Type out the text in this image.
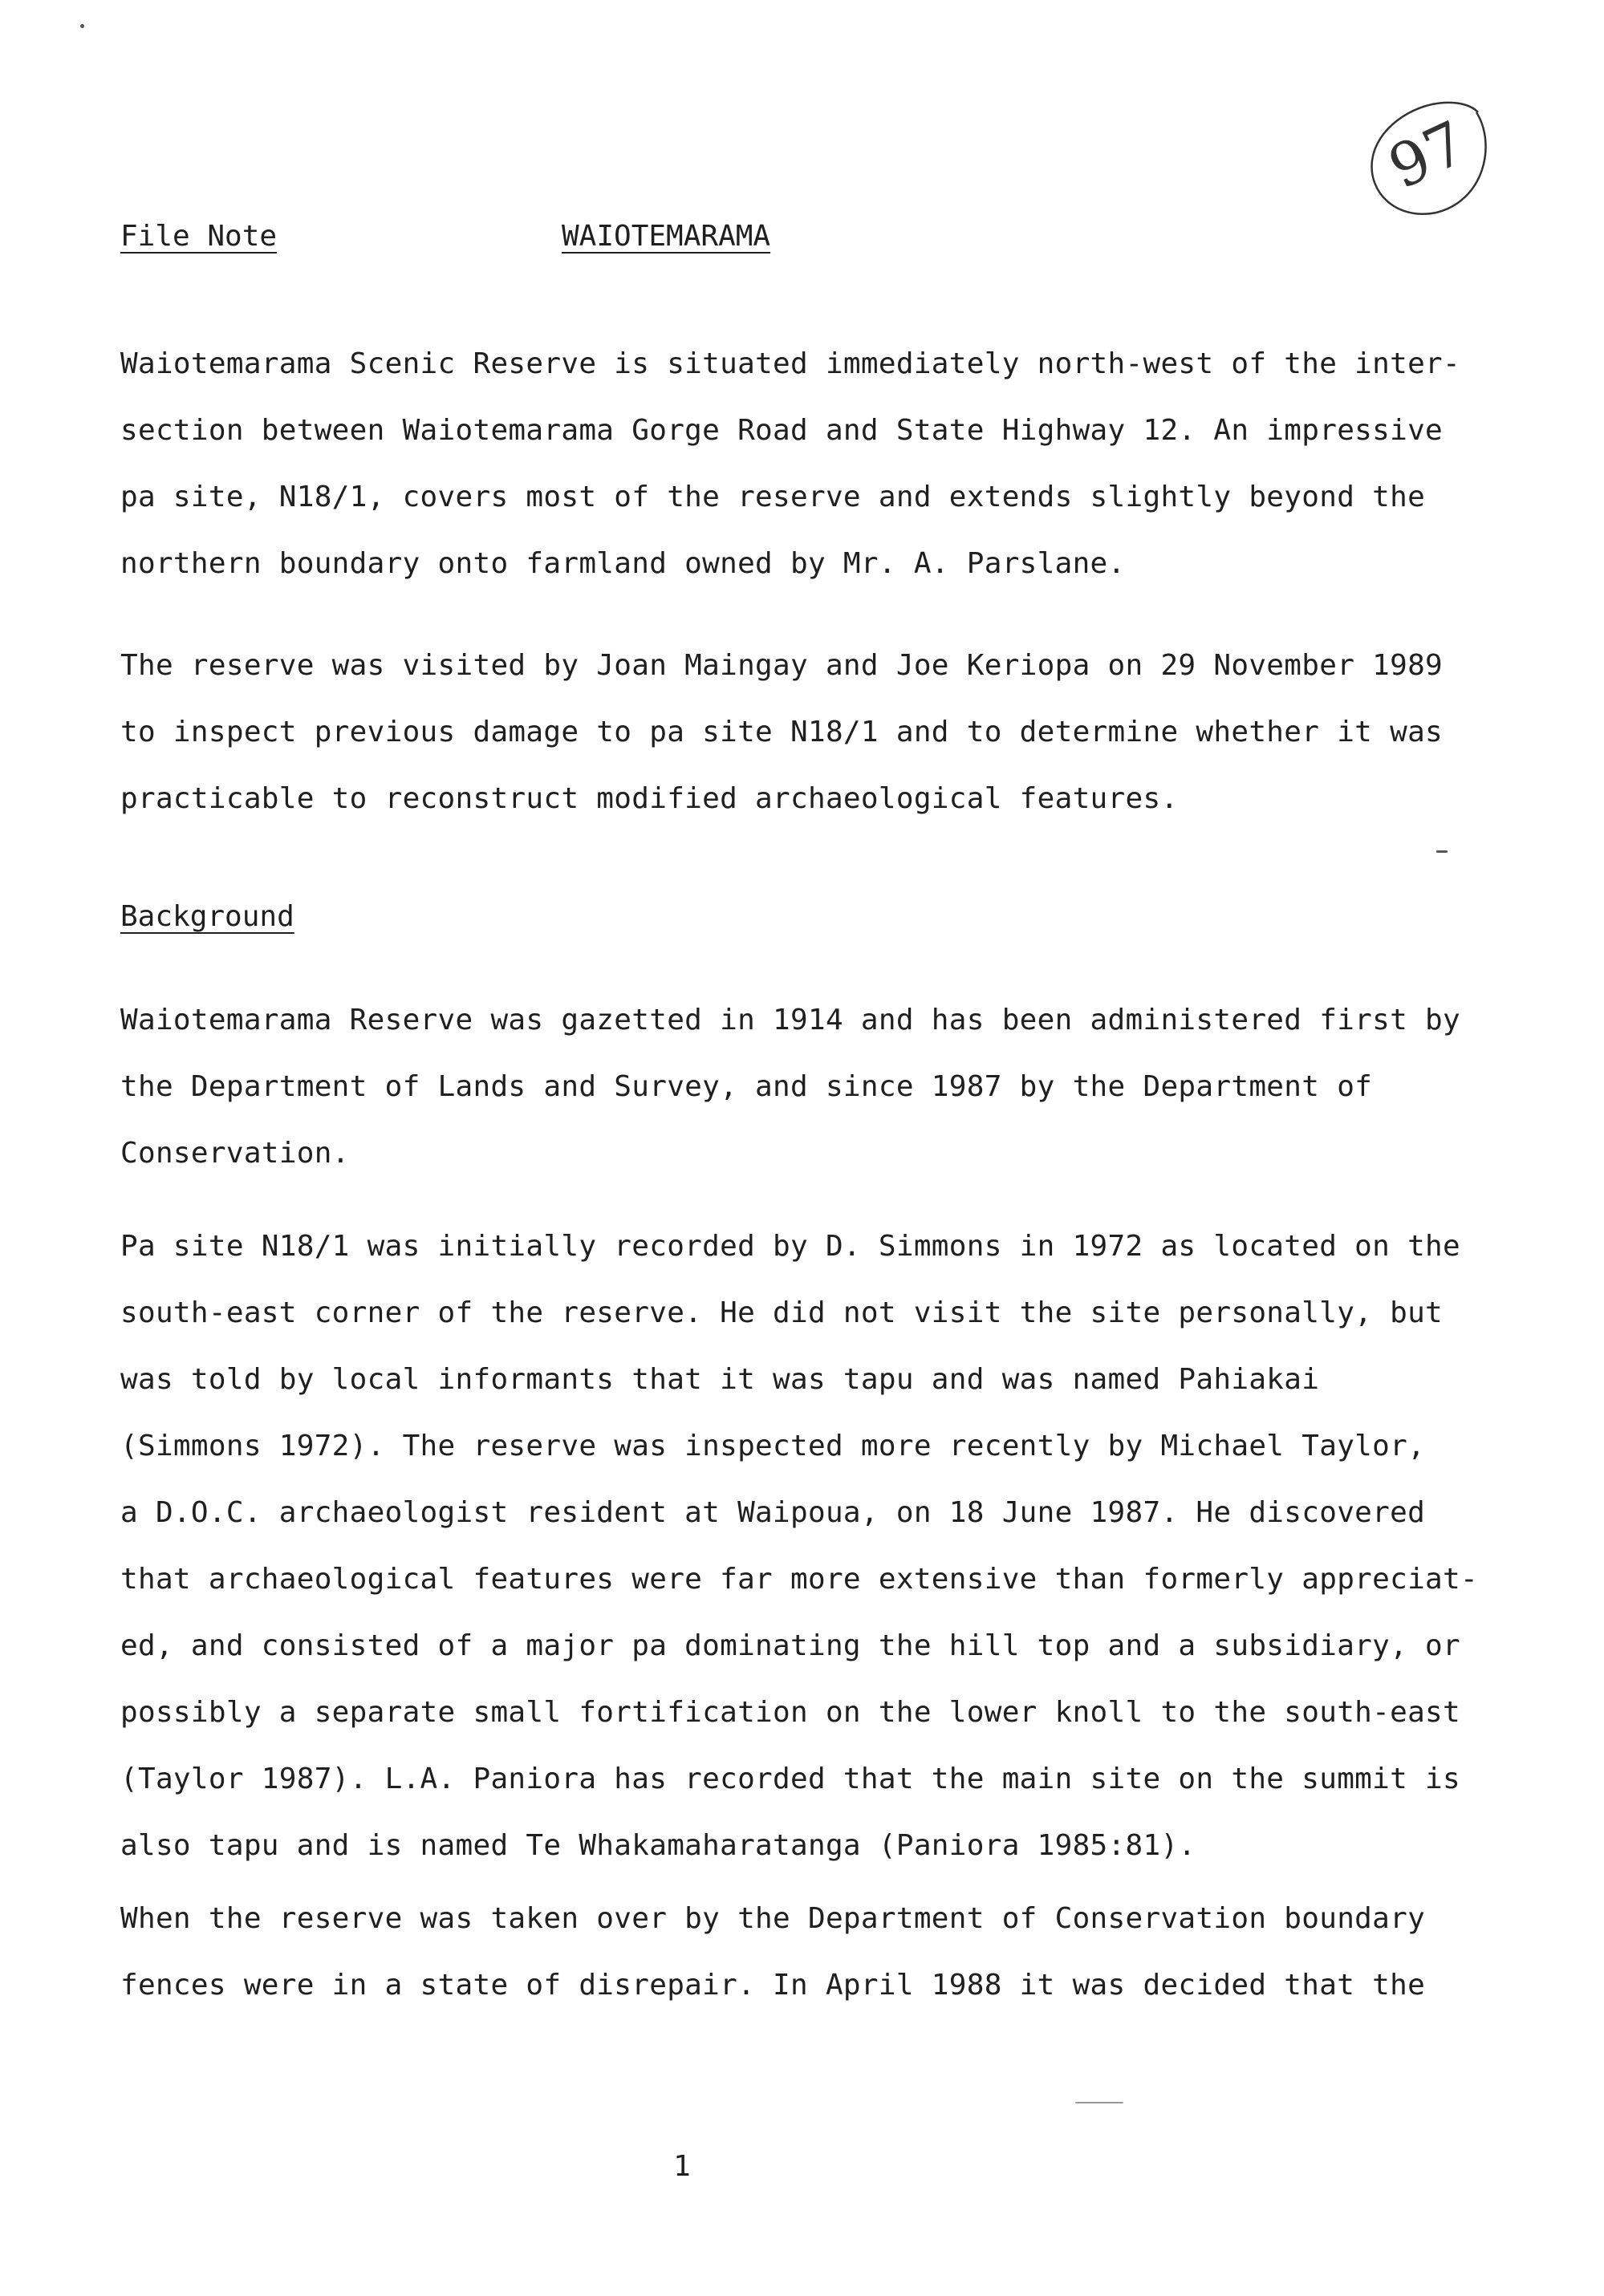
97
File Note	WAIOTEMARAMA
Waiotemarama Scenic Reserve is situated immediately north-west of the inter-
section between Waiotemarama Gorge Road and State Highway 12. An impressive
pa site, N18/1, covers most of the reserve and extends slightly beyond the
northern boundary onto farmland owned by Mr. A. Parslane.
The reserve was visited by Joan Maingay and Joe Keriopa on 29 November 1989
to inspect previous damage to pa site N18/1 and to determine whether it was
practicable to reconstruct modified archaeological features.
Background
Waiotemarama Reserve was gazetted in 1914 and has been administered first by
the Department of Lands and Survey, and since 1987 by the Department of
Conservation.
Pa site N18/1 was initially recorded by D. Simmons in 1972 as located on the
south-east corner of the reserve. He did not visit the site personally, but
was told by local informants that it was tapu and was named Pahiakai
(Simmons 1972). The reserve was inspected more recently by Michael Taylor,
a D.O.C. archaeologist resident at Waipoua, on 18 June 1987. He discovered
that archaeological features were far more extensive than formerly appreciat-
ed, and consisted of a major pa dominating the hill top and a subsidiary, or
possibly a separate small fortification on the lower knoll to the south-east
(Taylor 1987). L.A. Paniora has recorded that the main site on the summit is
also tapu and is named Te Whakamaharatanga (Paniora 1985:81).
When the reserve was taken over by the Department of Conservation boundary
fences were in a state of disrepair. In April 1988 it was decided that the
1
